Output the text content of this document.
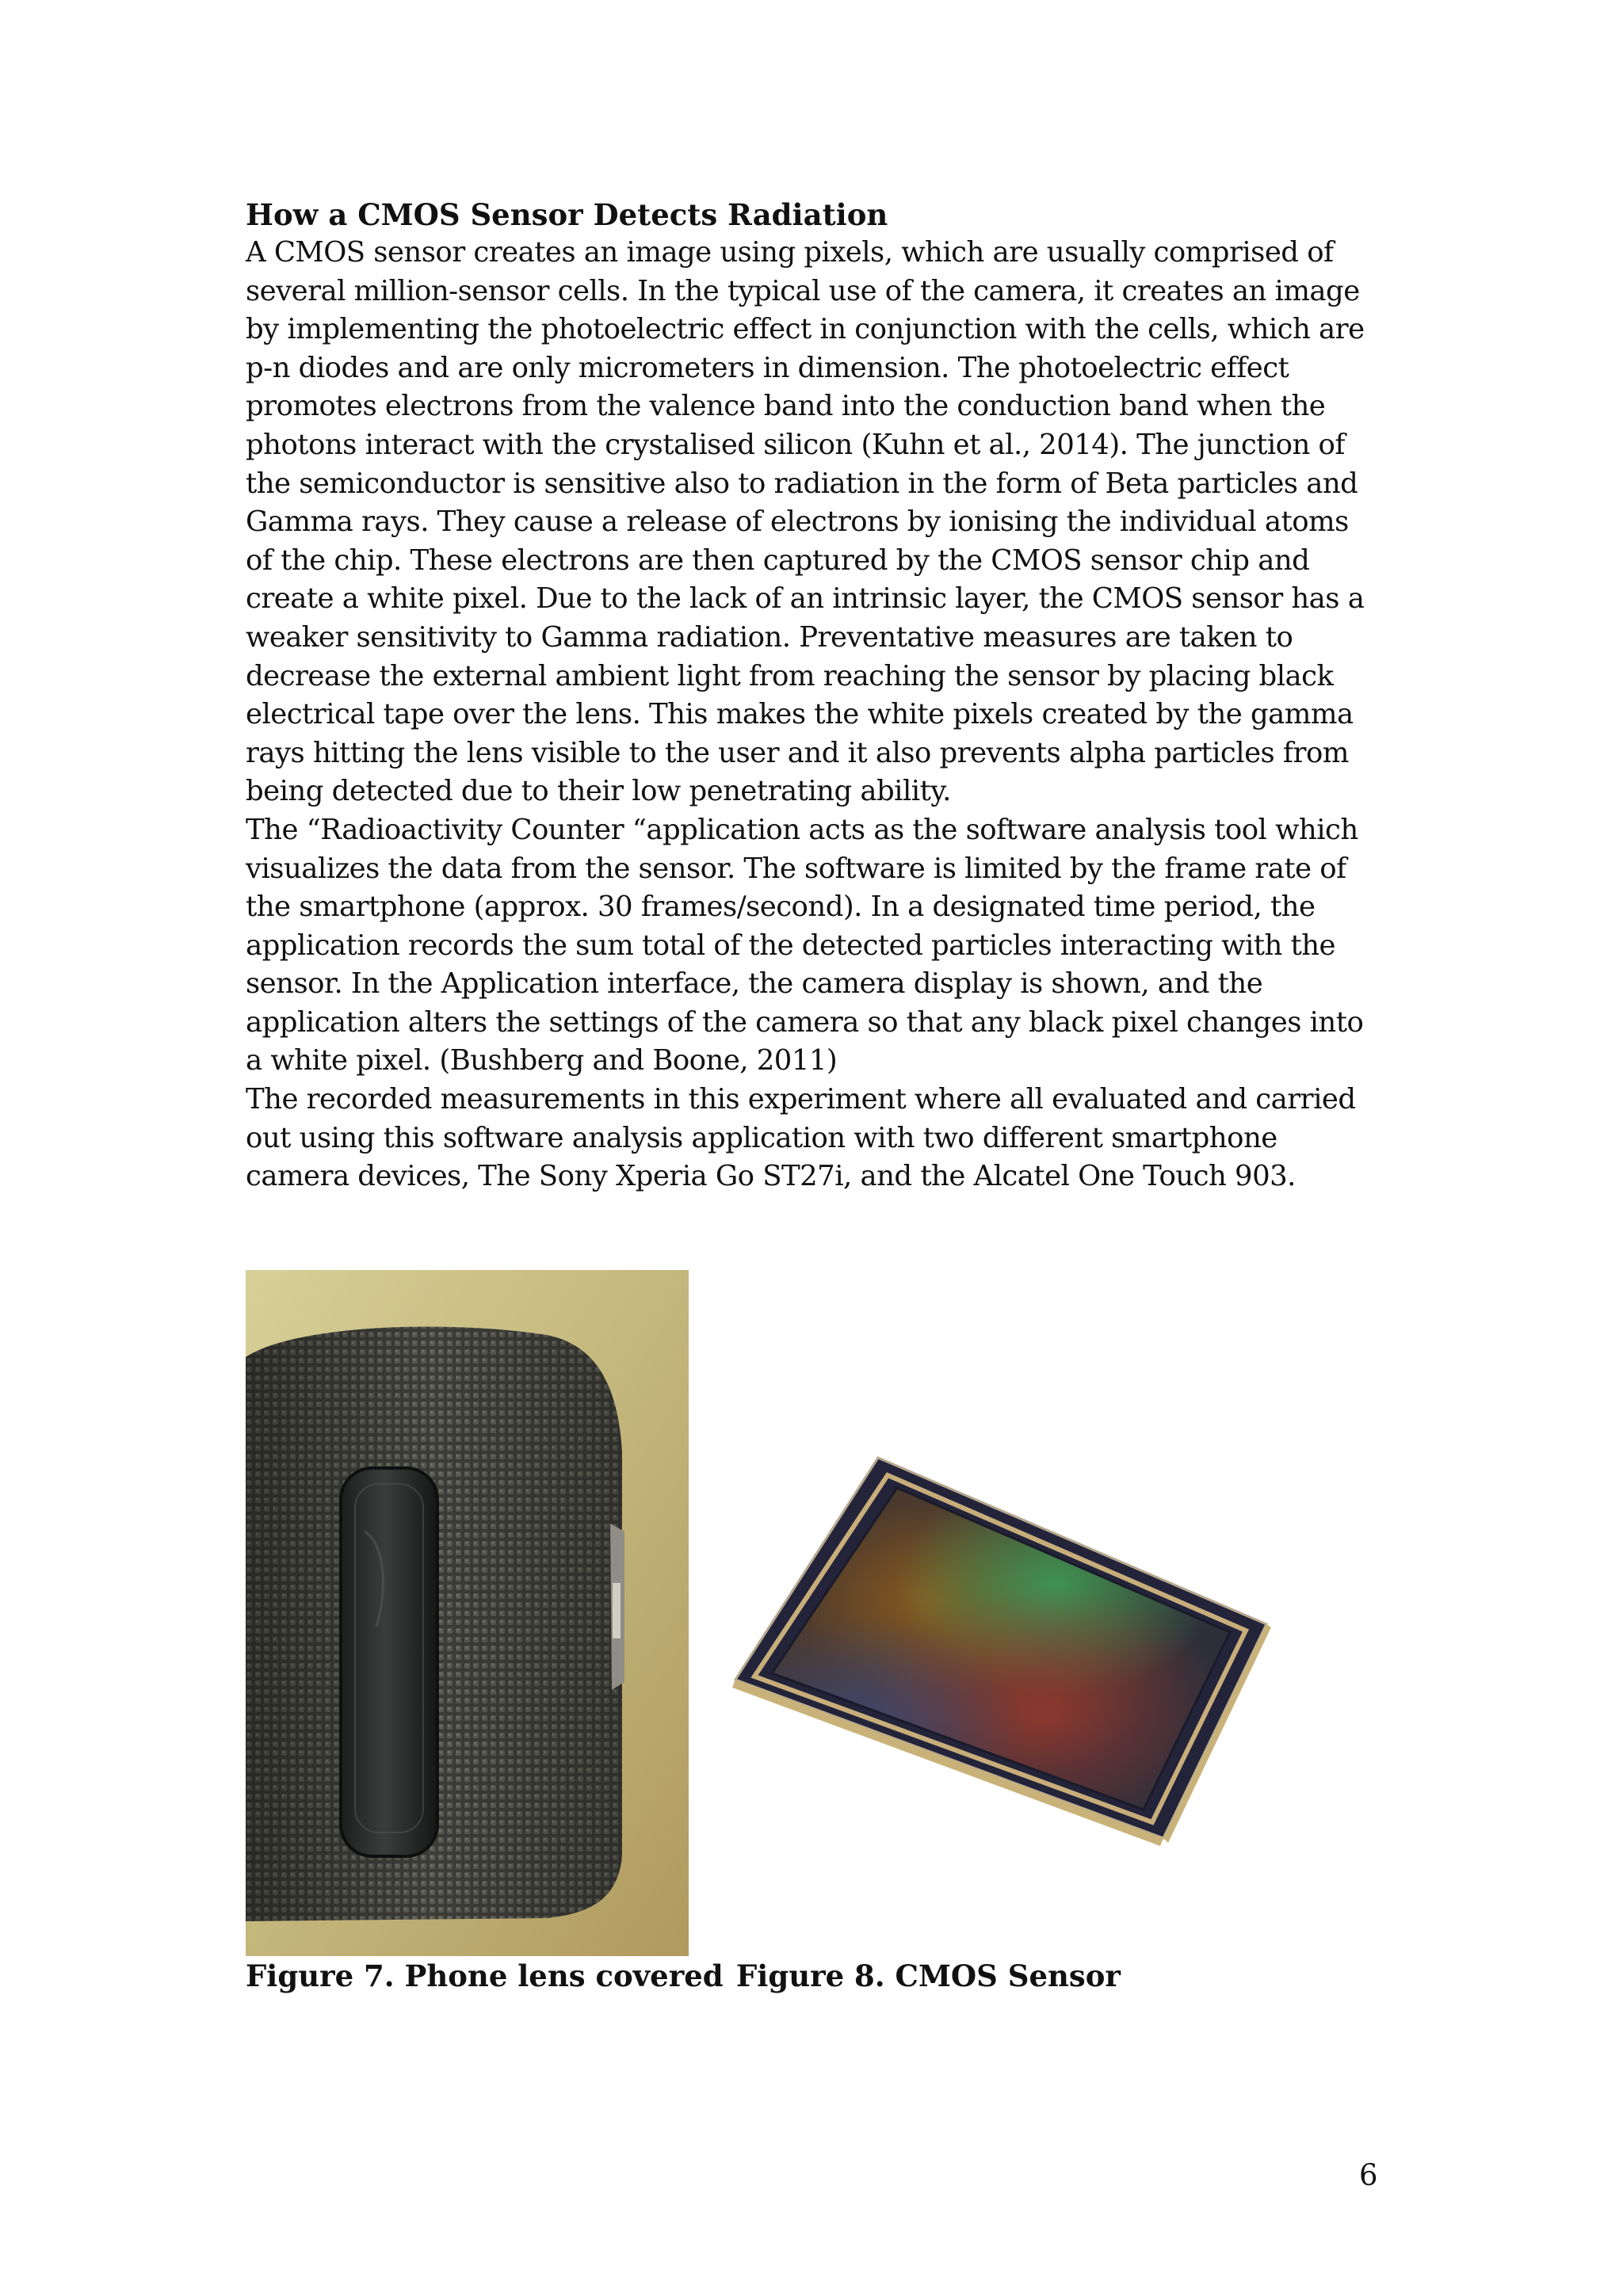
How a CMOS Sensor Detects Radiation
A CMOS sensor creates an image using pixels, which are usually comprised of
several million-sensor cells. In the typical use of the camera, it creates an image
by implementing the photoelectric effect in conjunction with the cells, which are
p-n diodes and are only micrometers in dimension. The photoelectric effect
promotes electrons from the valence band into the conduction band when the
photons interact with the crystalised silicon (Kuhn et al., 2014). The junction of
the semiconductor is sensitive also to radiation in the form of Beta particles and
Gamma rays. They cause a release of electrons by ionising the individual atoms
of the chip. These electrons are then captured by the CMOS sensor chip and
create a white pixel. Due to the lack of an intrinsic layer, the CMOS sensor has a
weaker sensitivity to Gamma radiation. Preventative measures are taken to
decrease the external ambient light from reaching the sensor by placing black
electrical tape over the lens. This makes the white pixels created by the gamma
rays hitting the lens visible to the user and it also prevents alpha particles from
being detected due to their low penetrating ability.
The “Radioactivity Counter “application acts as the software analysis tool which
visualizes the data from the sensor. The software is limited by the frame rate of
the smartphone (approx. 30 frames/second). In a designated time period, the
application records the sum total of the detected particles interacting with the
sensor. In the Application interface, the camera display is shown, and the
application alters the settings of the camera so that any black pixel changes into
a white pixel. (Bushberg and Boone, 2011)
The recorded measurements in this experiment where all evaluated and carried
out using this software analysis application with two different smartphone
camera devices, The Sony Xperia Go ST27i, and the Alcatel One Touch 903.
Figure 7. Phone lens covered Figure 8. CMOS Sensor
6
